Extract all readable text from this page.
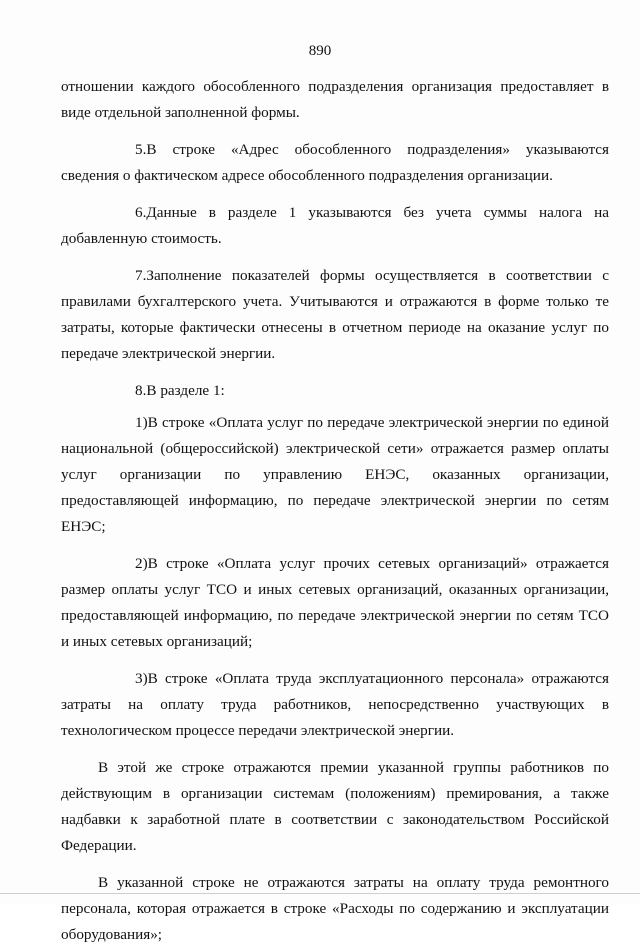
890

отношении каждого обособленного подразделения организация предоставляет в виде отдельной заполненной формы.

5.В строке «Адрес обособленного подразделения» указываются сведения о фактическом адресе обособленного подразделения организации.

6.Данные в разделе 1 указываются без учета суммы налога на добавленную стоимость.

7.Заполнение показателей формы осуществляется в соответствии с правилами бухгалтерского учета. Учитываются и отражаются в форме только те затраты, которые фактически отнесены в отчетном периоде на оказание услуг по передаче электрической энергии.

8.В разделе 1:

1)В строке «Оплата услуг по передаче электрической энергии по единой национальной (общероссийской) электрической сети» отражается размер оплаты услуг организации по управлению ЕНЭС, оказанных организации, предоставляющей информацию, по передаче электрической энергии по сетям ЕНЭС;

2)В строке «Оплата услуг прочих сетевых организаций» отражается размер оплаты услуг ТСО и иных сетевых организаций, оказанных организации, предоставляющей информацию, по передаче электрической энергии по сетям ТСО и иных сетевых организаций;

3)В строке «Оплата труда эксплуатационного персонала» отражаются затраты на оплату труда работников, непосредственно участвующих в технологическом процессе передачи электрической энергии.

В этой же строке отражаются премии указанной группы работников по действующим в организации системам (положениям) премирования, а также надбавки к заработной плате в соответствии с законодательством Российской Федерации.

В указанной строке не отражаются затраты на оплату труда ремонтного персонала, которая отражается в строке «Расходы по содержанию и эксплуатации оборудования»;
